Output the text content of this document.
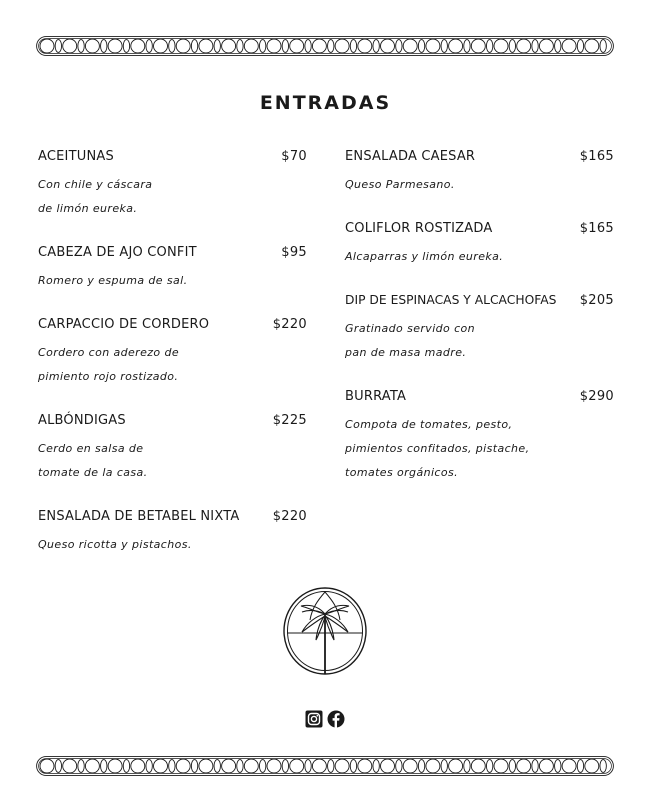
ENTRADAS
ACEITUNAS	$70
Con chile y cáscara
de limón eureka.
CABEZA DE AJO CONFIT	$95
Romero y espuma de sal.
CARPACCIO DE CORDERO	$220
Cordero con aderezo de
pimiento rojo rostizado.
ALBÓNDIGAS	$225
Cerdo en salsa de
tomate de la casa.
ENSALADA DE BETABEL NIXTA	$220
Queso ricotta y pistachos.
ENSALADA CAESAR	$165
Queso Parmesano.
COLIFLOR ROSTIZADA	$165
Alcaparras y limón eureka.
DIP DE ESPINACAS Y ALCACHOFAS $205
Gratinado servido con
pan de masa madre.
BURRATA	$290
Compota de tomates, pesto,
pimientos confitados, pistache,
tomates orgánicos.
